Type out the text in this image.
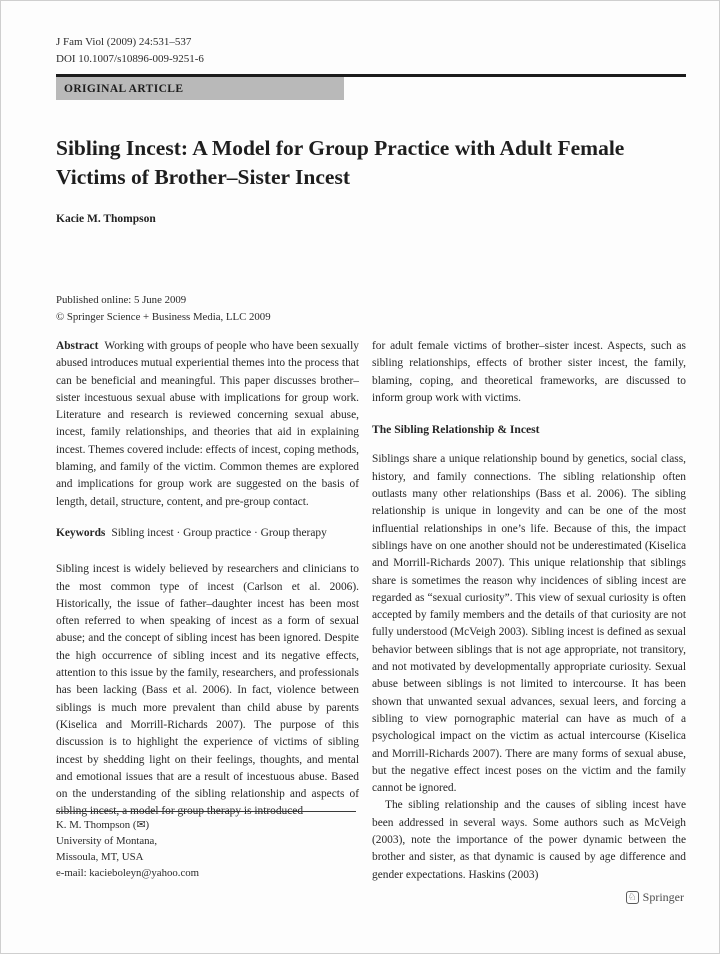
J Fam Viol (2009) 24:531–537
DOI 10.1007/s10896-009-9251-6
ORIGINAL ARTICLE
Sibling Incest: A Model for Group Practice with Adult Female Victims of Brother–Sister Incest
Kacie M. Thompson

Published online: 5 June 2009

© Springer Science + Business Media, LLC 2009

Abstract Working with groups of people who have been sexually abused introduces mutual experiential themes into the process that can be beneficial and meaningful. This paper discusses brother–sister incestuous sexual abuse with implications for group work. Literature and research is reviewed concerning sexual abuse, incest, family relationships, and theories that aid in explaining incest. Themes covered include: effects of incest, coping methods, blaming, and family of the victim. Common themes are explored and implications for group work are suggested on the basis of length, detail, structure, content, and pre-group contact.

Keywords Sibling incest · Group practice · Group therapy

Sibling incest is widely believed by researchers and clinicians to the most common type of incest (Carlson et al. 2006). Historically, the issue of father–daughter incest has been most often referred to when speaking of incest as a form of sexual abuse; and the concept of sibling incest has been ignored. Despite the high occurrence of sibling incest and its negative effects, attention to this issue by the family, researchers, and professionals has been lacking (Bass et al. 2006). In fact, violence between siblings is much more prevalent than child abuse by parents (Kiselica and Morrill-Richards 2007). The purpose of this discussion is to highlight the experience of victims of sibling incest by shedding light on their feelings, thoughts, and mental and emotional issues that are a result of incestuous abuse. Based on the understanding of the sibling relationship and aspects of sibling incest, a model for group therapy is introduced

for adult female victims of brother–sister incest. Aspects, such as sibling relationships, effects of brother sister incest, the family, blaming, coping, and theoretical frameworks, are discussed to inform group work with victims.

The Sibling Relationship & Incest

Siblings share a unique relationship bound by genetics, social class, history, and family connections. The sibling relationship often outlasts many other relationships (Bass et al. 2006). The sibling relationship is unique in longevity and can be one of the most influential relationships in one’s life. Because of this, the impact siblings have on one another should not be underestimated (Kiselica and Morrill-Richards 2007). This unique relationship that siblings share is sometimes the reason why incidences of sibling incest are regarded as “sexual curiosity”. This view of sexual curiosity is often accepted by family members and the details of that curiosity are not fully understood (McVeigh 2003). Sibling incest is defined as sexual behavior between siblings that is not age appropriate, not transitory, and not motivated by developmentally appropriate curiosity. Sexual abuse between siblings is not limited to intercourse. It has been shown that unwanted sexual advances, sexual leers, and forcing a sibling to view pornographic material can have as much of a psychological impact on the victim as actual intercourse (Kiselica and Morrill-Richards 2007). There are many forms of sexual abuse, but the negative effect incest poses on the victim and the family cannot be ignored.

The sibling relationship and the causes of sibling incest have been addressed in several ways. Some authors such as McVeigh (2003), note the importance of the power dynamic between the brother and sister, as that dynamic is caused by age difference and gender expectations. Haskins (2003)

K. M. Thompson (✉)

University of Montana,

Missoula, MT, USA

e-mail: kacieboleyn@yahoo.com

♘ Springer
